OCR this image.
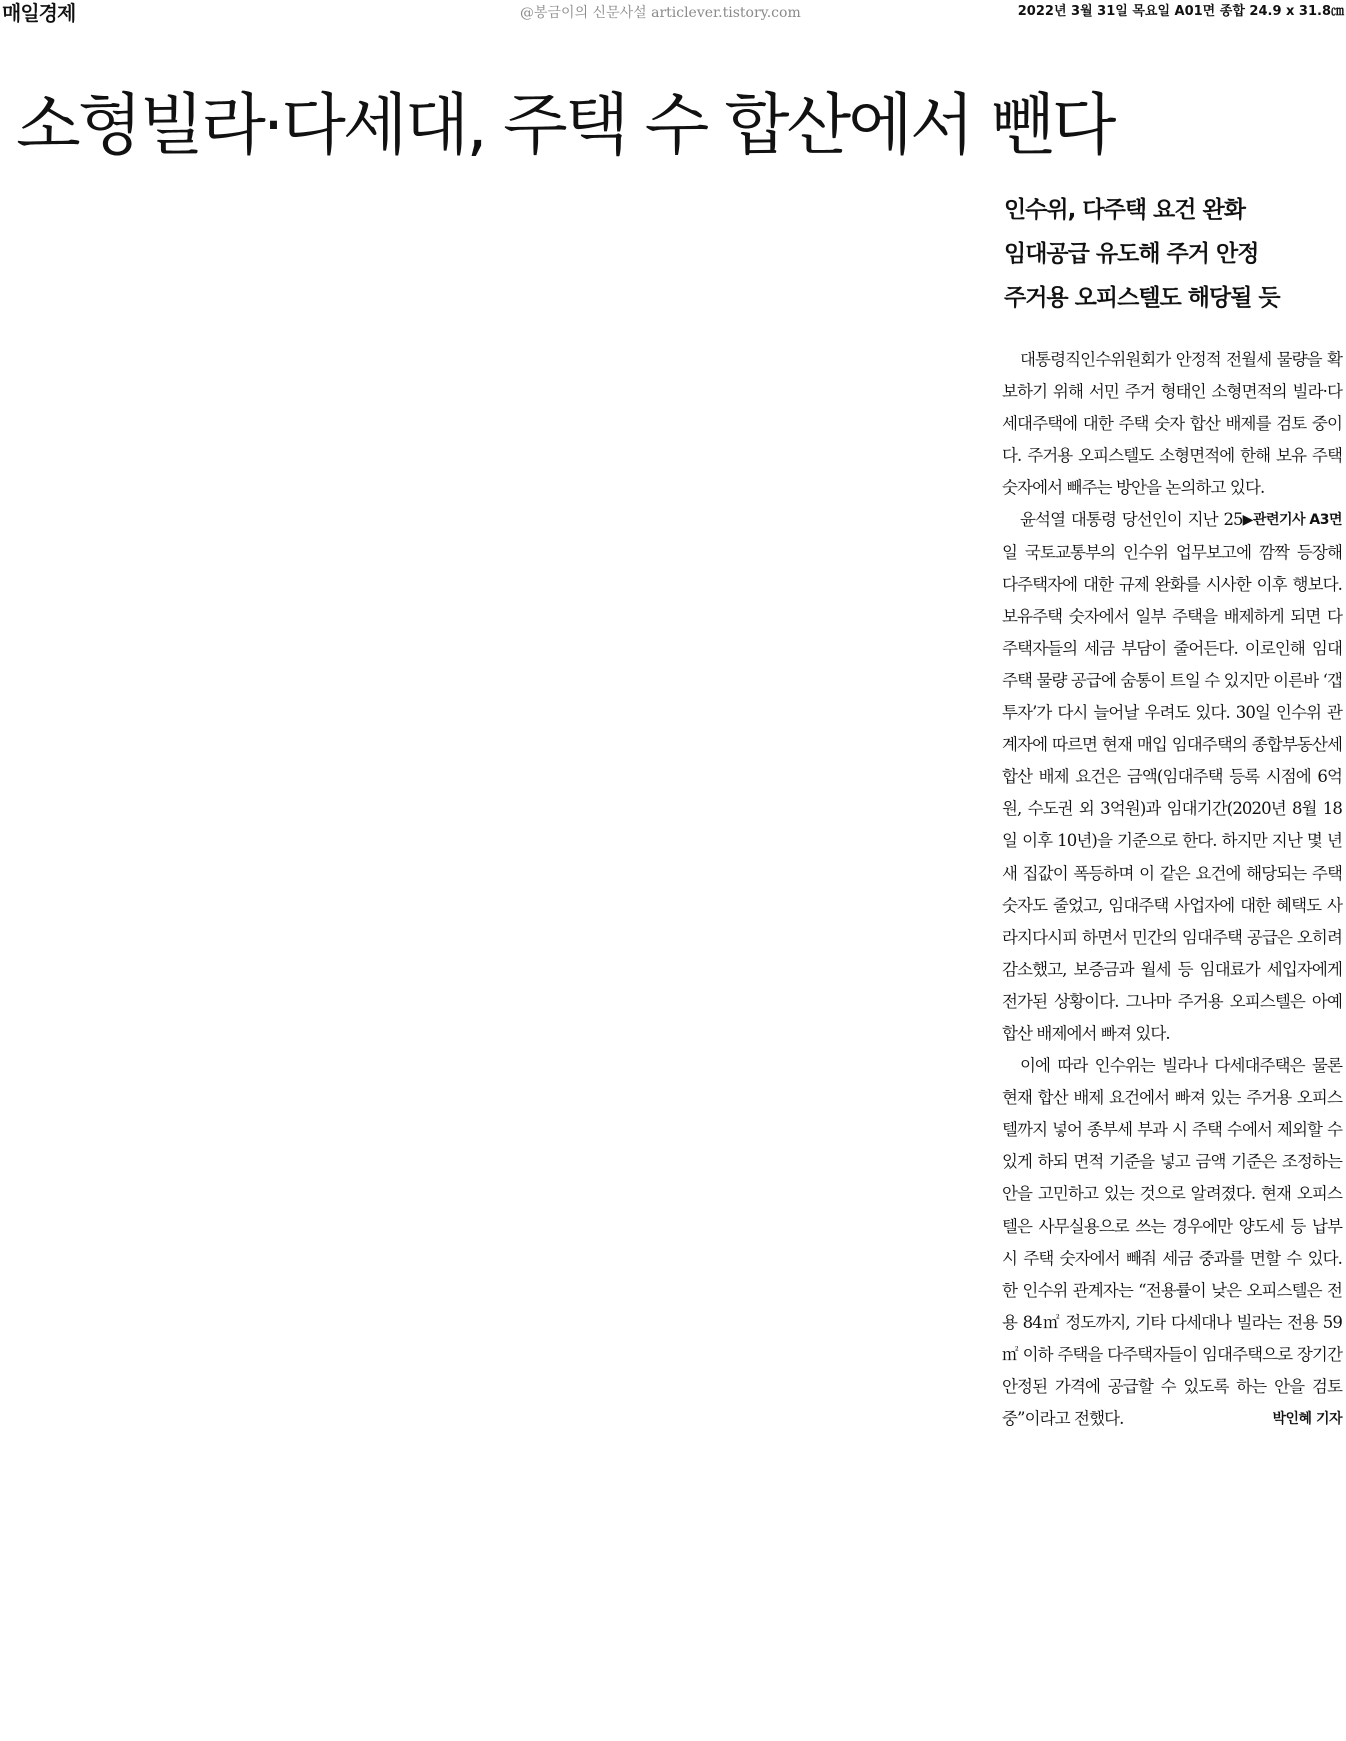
매일경제	@봉금이의 신문사설 articlever.tistory.com	2022년 3월 31일 목요일 A01면 종합 24.9 x 31.8㎝
소형빌라·다세대, 주택 수 합산에서 뺀다
인수위, 다주택 요건 완화
임대공급 유도해 주거 안정
주거용 오피스텔도 해당될 듯

대통령직인수위원회가 안정적 전월세 물량을 확보하기 위해 서민 주거 형태인 소형면적의 빌라·다세대주택에 대한 주택 숫자 합산 배제를 검토 중이다. 주거용 오피스텔도 소형면적에 한해 보유 주택 숫자에서 빼주는 방안을 논의하고 있다.
▶관련기사 A3면

윤석열 대통령 당선인이 지난 25일 국토교통부의 인수위 업무보고에 깜짝 등장해 다주택자에 대한 규제 완화를 시사한 이후 행보다. 보유주택 숫자에서 일부 주택을 배제하게 되면 다주택자들의 세금 부담이 줄어든다. 이로인해 임대주택 물량 공급에 숨통이 트일 수 있지만 이른바 ‘갭 투자’가 다시 늘어날 우려도 있다. 30일 인수위 관계자에 따르면 현재 매입 임대주택의 종합부동산세 합산 배제 요건은 금액(임대주택 등록 시점에 6억원, 수도권 외 3억원)과 임대기간(2020년 8월 18일 이후 10년)을 기준으로 한다. 하지만 지난 몇 년 새 집값이 폭등하며 이 같은 요건에 해당되는 주택 숫자도 줄었고, 임대주택 사업자에 대한 혜택도 사라지다시피 하면서 민간의 임대주택 공급은 오히려 감소했고, 보증금과 월세 등 임대료가 세입자에게 전가된 상황이다. 그나마 주거용 오피스텔은 아예 합산 배제에서 빠져 있다.

이에 따라 인수위는 빌라나 다세대주택은 물론 현재 합산 배제 요건에서 빠져 있는 주거용 오피스텔까지 넣어 종부세 부과 시 주택 수에서 제외할 수 있게 하되 면적 기준을 넣고 금액 기준은 조정하는 안을 고민하고 있는 것으로 알려졌다. 현재 오피스텔은 사무실용으로 쓰는 경우에만 양도세 등 납부 시 주택 숫자에서 빼줘 세금 중과를 면할 수 있다. 한 인수위 관계자는 “전용률이 낮은 오피스텔은 전용 84㎡ 정도까지, 기타 다세대나 빌라는 전용 59㎡ 이하 주택을 다주택자들이 임대주택으로 장기간 안정된 가격에 공급할 수 있도록 하는 안을 검토 중”이라고 전했다.	박인혜 기자
